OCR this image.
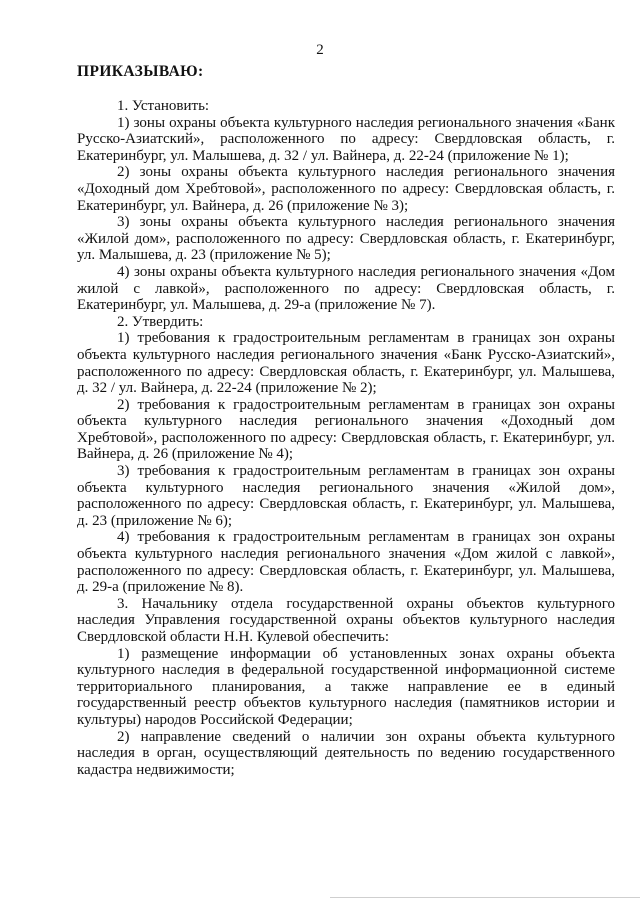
2
ПРИКАЗЫВАЮ:

1. Установить:

1) зоны охраны объекта культурного наследия регионального значения «Банк Русско-Азиатский», расположенного по адресу: Свердловская область, г. Екатеринбург, ул. Малышева, д. 32 / ул. Вайнера, д. 22-24 (приложение № 1);

2) зоны охраны объекта культурного наследия регионального значения «Доходный дом Хребтовой», расположенного по адресу: Свердловская область, г. Екатеринбург, ул. Вайнера, д. 26 (приложение № 3);

3) зоны охраны объекта культурного наследия регионального значения «Жилой дом», расположенного по адресу: Свердловская область, г. Екатеринбург, ул. Малышева, д. 23 (приложение № 5);

4) зоны охраны объекта культурного наследия регионального значения «Дом жилой с лавкой», расположенного по адресу: Свердловская область, г. Екатеринбург, ул. Малышева, д. 29-а (приложение № 7).

2. Утвердить:

1) требования к градостроительным регламентам в границах зон охраны объекта культурного наследия регионального значения «Банк Русско-Азиатский», расположенного по адресу: Свердловская область, г. Екатеринбург, ул. Малышева, д. 32 / ул. Вайнера, д. 22-24 (приложение № 2);

2) требования к градостроительным регламентам в границах зон охраны объекта культурного наследия регионального значения «Доходный дом Хребтовой», расположенного по адресу: Свердловская область, г. Екатеринбург, ул. Вайнера, д. 26 (приложение № 4);

3) требования к градостроительным регламентам в границах зон охраны объекта культурного наследия регионального значения «Жилой дом», расположенного по адресу: Свердловская область, г. Екатеринбург, ул. Малышева, д. 23 (приложение № 6);

4) требования к градостроительным регламентам в границах зон охраны объекта культурного наследия регионального значения «Дом жилой с лавкой», расположенного по адресу: Свердловская область, г. Екатеринбург, ул. Малышева, д. 29-а (приложение № 8).

3. Начальнику отдела государственной охраны объектов культурного наследия Управления государственной охраны объектов культурного наследия Свердловской области Н.Н. Кулевой обеспечить:

1) размещение информации об установленных зонах охраны объекта культурного наследия в федеральной государственной информационной системе территориального планирования, а также направление ее в единый государственный реестр объектов культурного наследия (памятников истории и культуры) народов Российской Федерации;

2) направление сведений о наличии зон охраны объекта культурного наследия в орган, осуществляющий деятельность по ведению государственного кадастра недвижимости;
